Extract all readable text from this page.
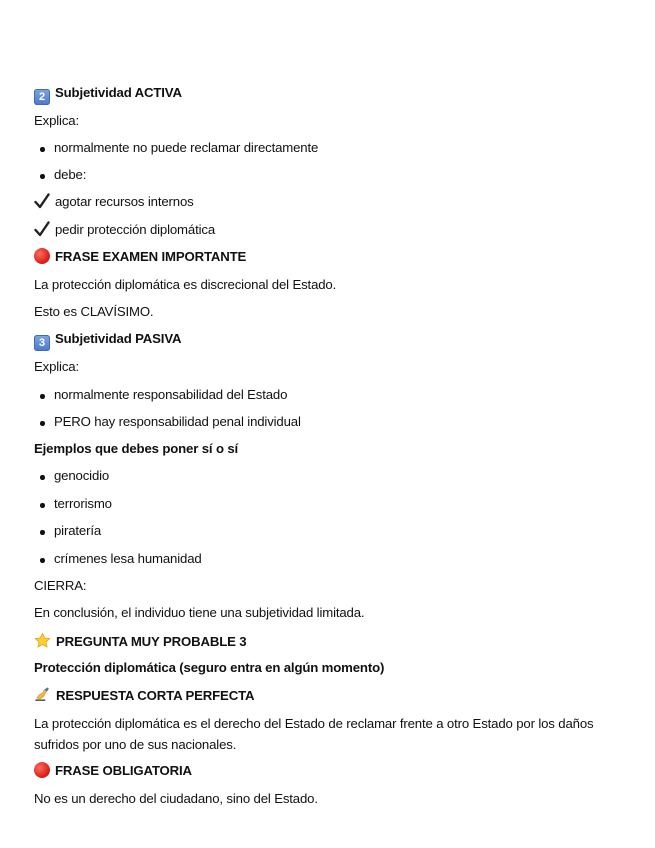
2 Subjetividad ACTIVA
Explica:
normalmente no puede reclamar directamente
debe:
agotar recursos internos
pedir protección diplomática
FRASE EXAMEN IMPORTANTE
La protección diplomática es discrecional del Estado.
Esto es CLAVÍSIMO.
3 Subjetividad PASIVA
Explica:
normalmente responsabilidad del Estado
PERO hay responsabilidad penal individual
Ejemplos que debes poner sí o sí
genocidio
terrorismo
piratería
crímenes lesa humanidad
CIERRA:
En conclusión, el individuo tiene una subjetividad limitada.
PREGUNTA MUY PROBABLE 3
Protección diplomática (seguro entra en algún momento)
RESPUESTA CORTA PERFECTA
La protección diplomática es el derecho del Estado de reclamar frente a otro Estado por los daños sufridos por uno de sus nacionales.
FRASE OBLIGATORIA
No es un derecho del ciudadano, sino del Estado.
